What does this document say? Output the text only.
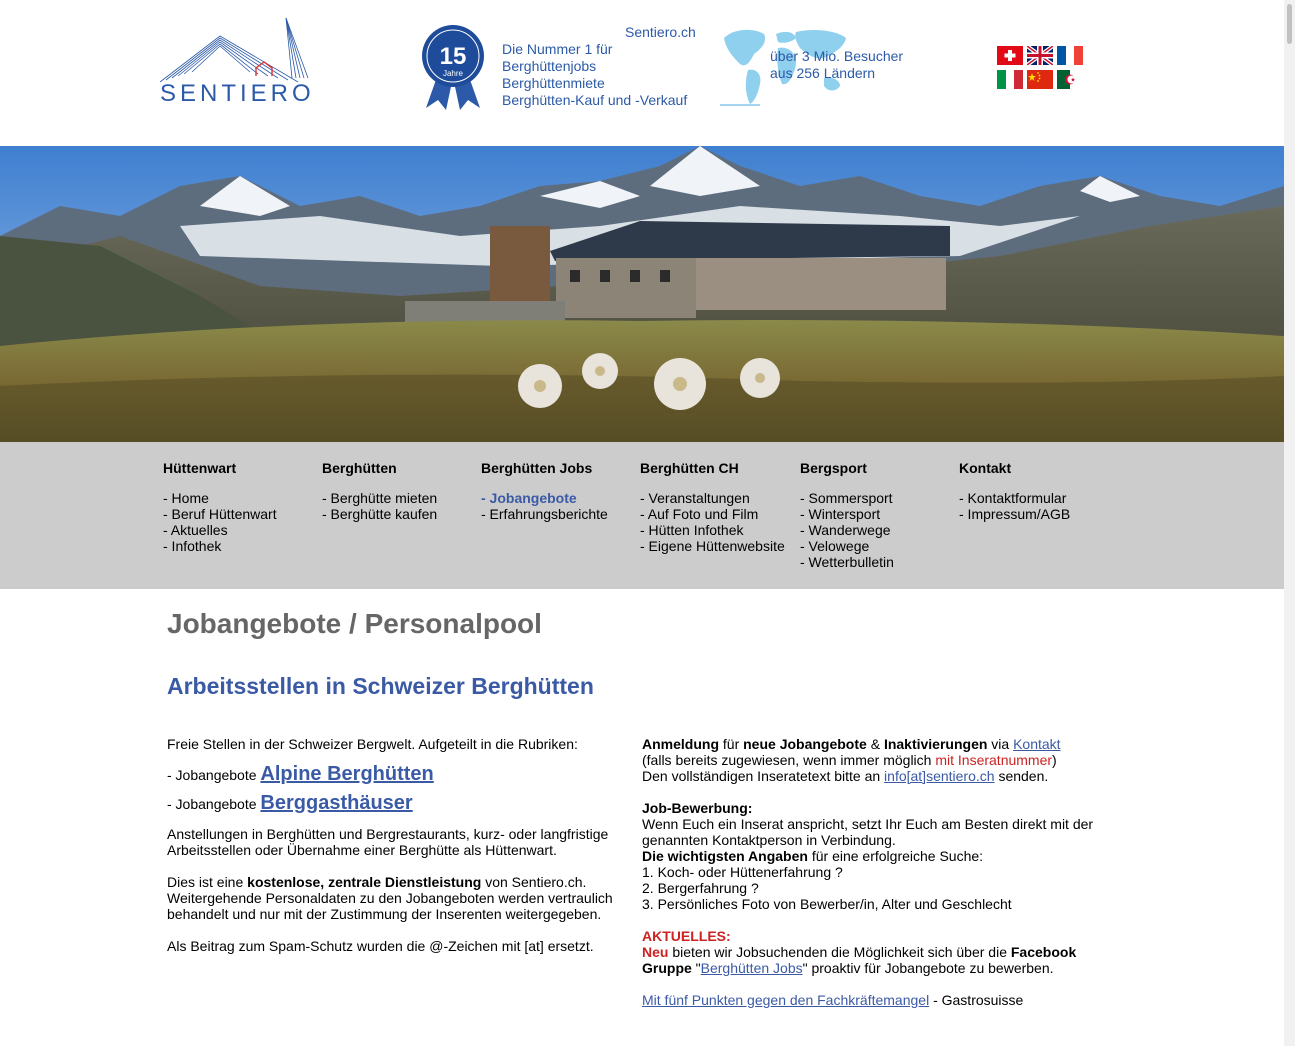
SENTIERO
15
Jahre
Sentiero.ch
Die Nummer 1 für
Berghüttenjobs
Berghüttenmiete
Berghütten-Kauf und -Verkauf
über 3 Mio. Besucher
aus 256 Ländern
Hüttenwart
- Home
- Beruf Hüttenwart
- Aktuelles
- Infothek
Berghütten
- Berghütte mieten
- Berghütte kaufen
Berghütten Jobs
- Jobangebote
- Erfahrungsberichte
Berghütten CH
- Veranstaltungen
- Auf Foto und Film
- Hütten Infothek
- Eigene Hüttenwebsite
Bergsport
- Sommersport
- Wintersport
- Wanderwege
- Velowege
- Wetterbulletin
Kontakt
- Kontaktformular
- Impressum/AGB
Jobangebote / Personalpool
Arbeitsstellen in Schweizer Berghütten

Freie Stellen in der Schweizer Bergwelt. Aufgeteilt in die Rubriken:

- Jobangebote Alpine Berghütten

- Jobangebote Berggasthäuser

Anstellungen in Berghütten und Bergrestaurants, kurz- oder langfristige Arbeitsstellen oder Übernahme einer Berghütte als Hüttenwart.

Dies ist eine kostenlose, zentrale Dienstleistung von Sentiero.ch. Weitergehende Personaldaten zu den Jobangeboten werden vertraulich behandelt und nur mit der Zustimmung der Inserenten weitergegeben.

Als Beitrag zum Spam-Schutz wurden die @-Zeichen mit [at] ersetzt.

Anmeldung für neue Jobangebote & Inaktivierungen via Kontakt
(falls bereits zugewiesen, wenn immer möglich mit Inseratnummer)
Den vollständigen Inseratetext bitte an info[at]sentiero.ch senden.

Job-Bewerbung:
Wenn Euch ein Inserat anspricht, setzt Ihr Euch am Besten direkt mit der genannten Kontaktperson in Verbindung.
Die wichtigsten Angaben für eine erfolgreiche Suche:
1. Koch- oder Hüttenerfahrung ?
2. Bergerfahrung ?
3. Persönliches Foto von Bewerber/in, Alter und Geschlecht

AKTUELLES:
Neu bieten wir Jobsuchenden die Möglichkeit sich über die Facebook Gruppe "Berghütten Jobs" proaktiv für Jobangebote zu bewerben.

Mit fünf Punkten gegen den Fachkräftemangel - Gastrosuisse
